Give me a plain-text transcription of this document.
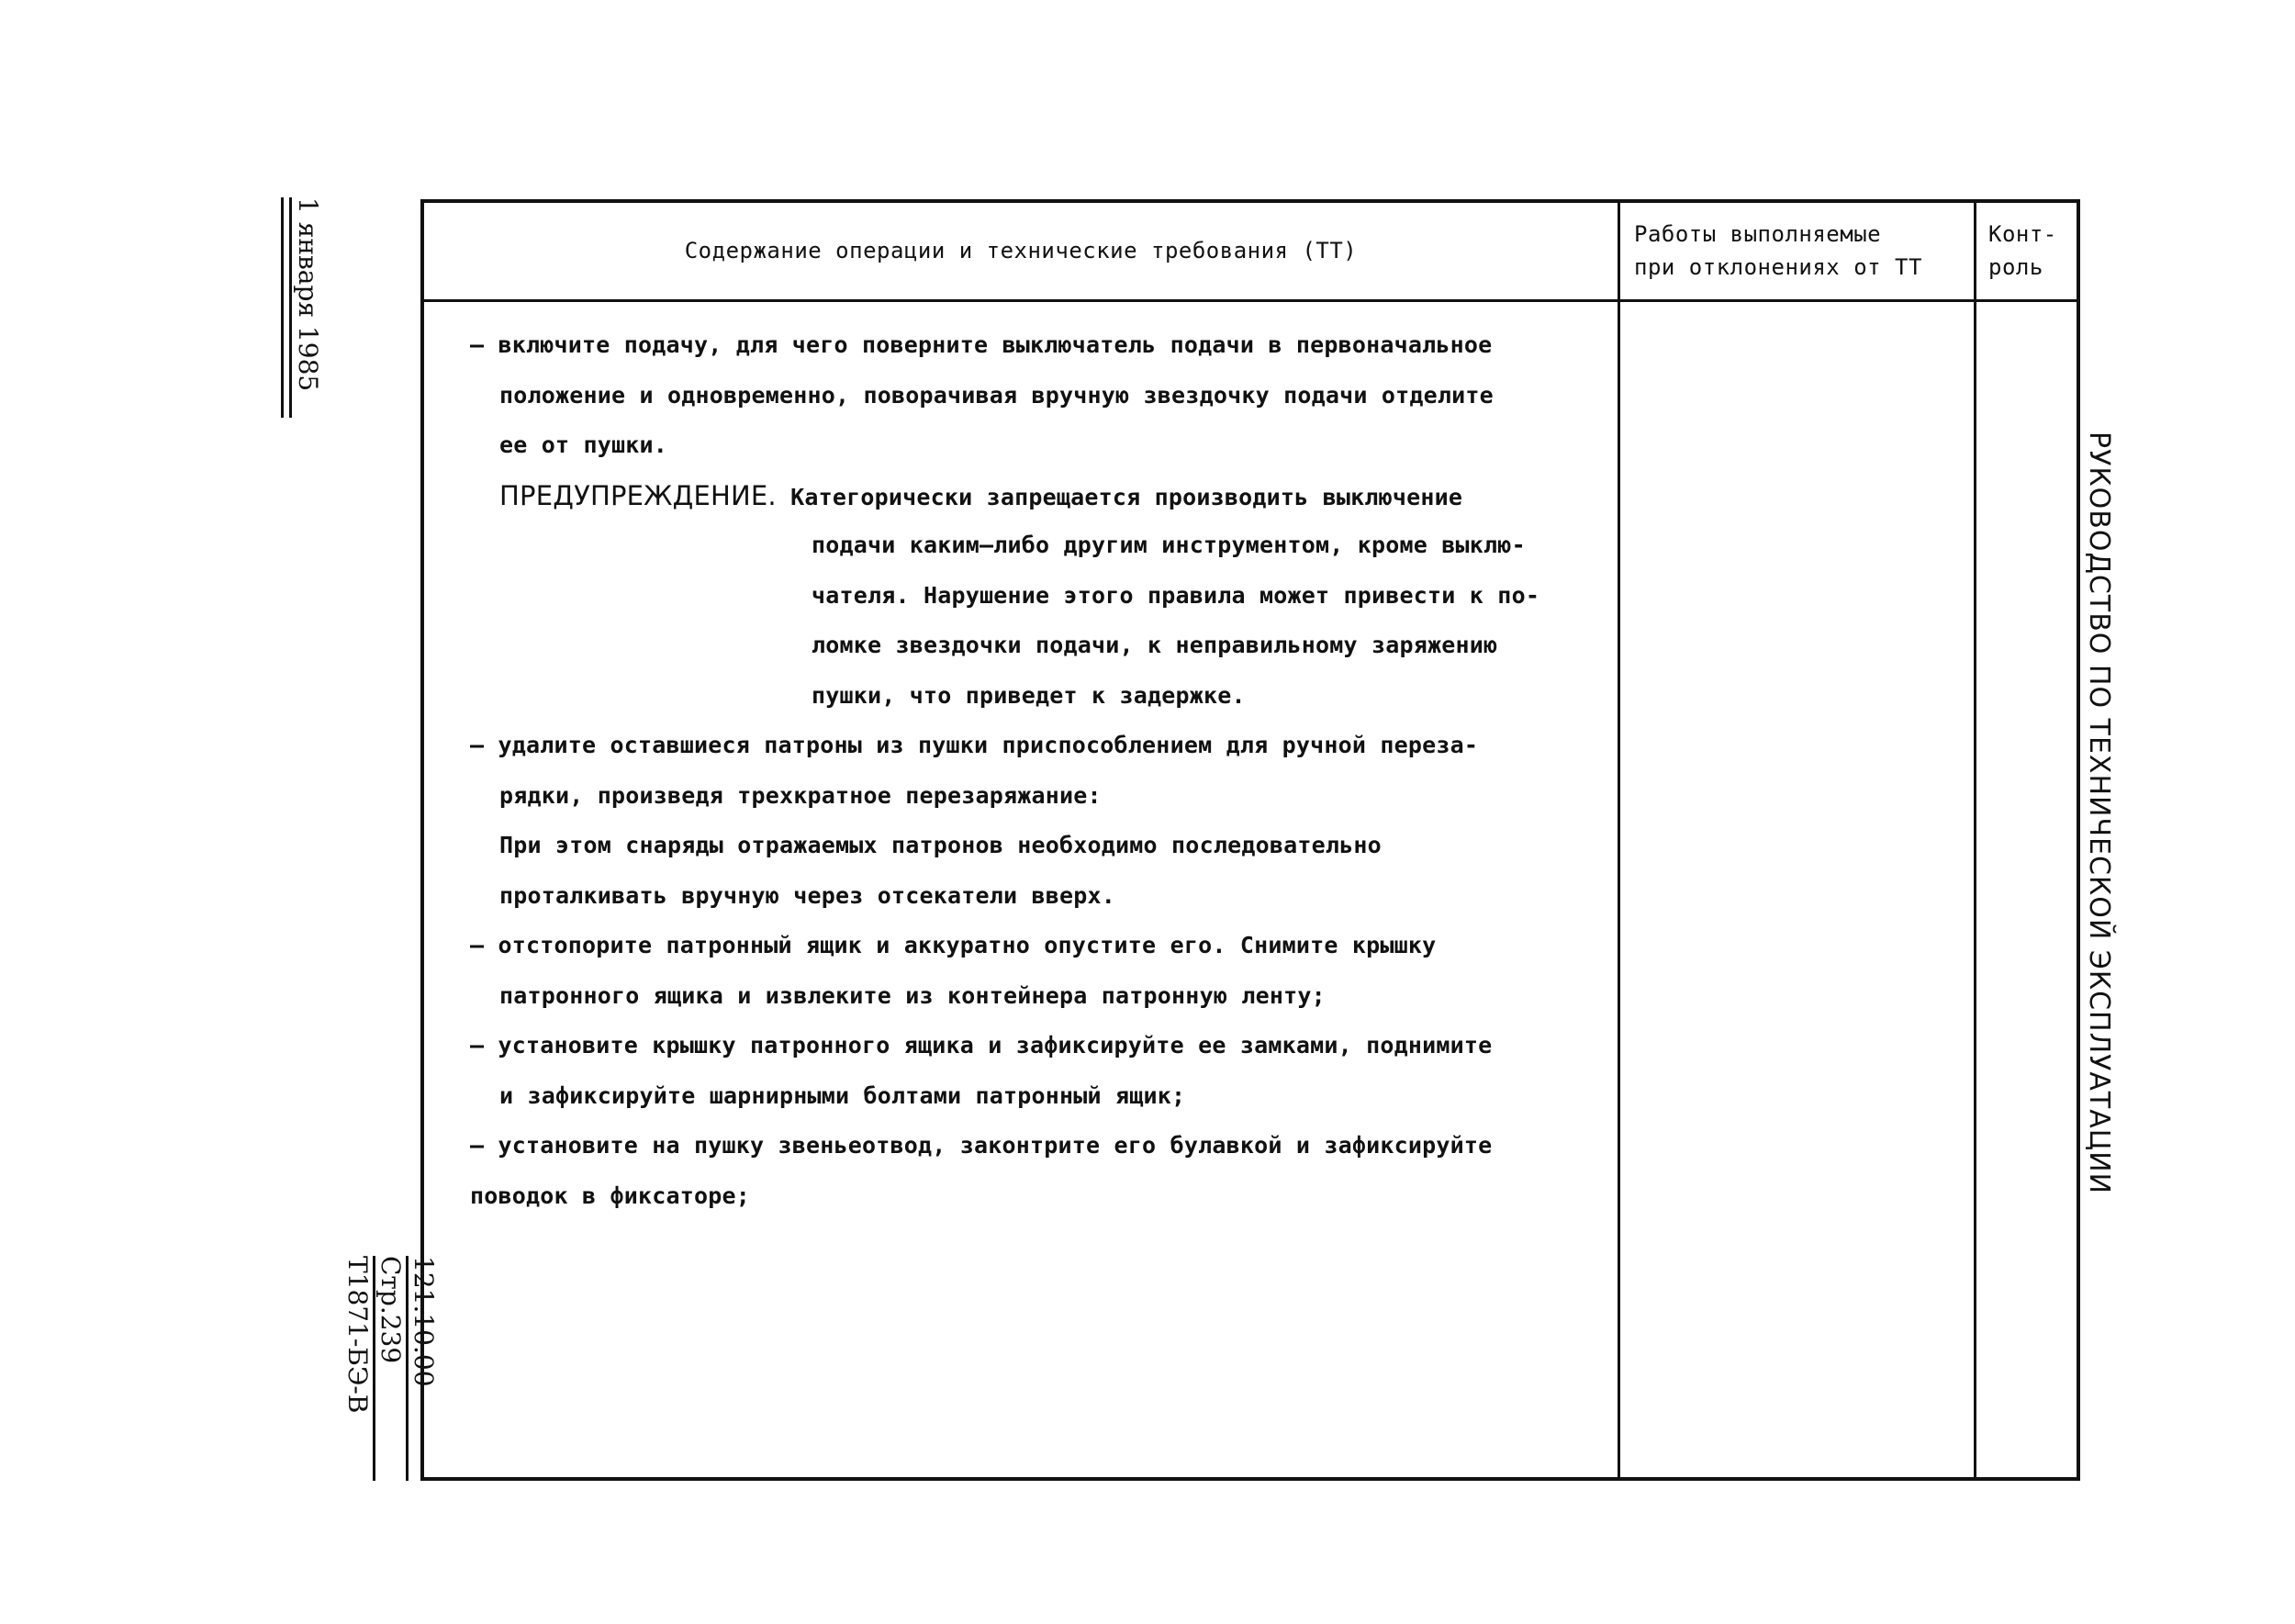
Содержание операции и технические требования (ТТ)
Работы выполняемые
при отклонениях от ТТ
Конт-
роль
– включите подачу, для чего поверните выключатель подачи в первоначальное
положение и одновременно, поворачивая вручную звездочку подачи отделите
ее от пушки.
ПРЕДУПРЕЖДЕНИЕ. Категорически запрещается производить выключение
подачи каким–либо другим инструментом, кроме выклю-
чателя. Нарушение этого правила может привести к по-
ломке звездочки подачи, к неправильному заряжению
пушки, что приведет к задержке.
– удалите оставшиеся патроны из пушки приспособлением для ручной переза-
рядки, произведя трехкратное перезаряжание:
При этом снаряды отражаемых патронов необходимо последовательно
проталкивать вручную через отсекатели вверх.
– отстопорите патронный ящик и аккуратно опустите его. Снимите крышку
патронного ящика и извлеките из контейнера патронную ленту;
– установите крышку патронного ящика и зафиксируйте ее замками, поднимите
и зафиксируйте шарнирными болтами патронный ящик;
– установите на пушку звеньеотвод, законтрите его булавкой и зафиксируйте
поводок в фиксаторе;
РУКОВОДСТВО ПО ТЕХНИЧЕСКОЙ ЭКСПЛУАТАЦИИ
1 января 1985
121.10.00
Стр.239
Т1871-БЭ-В
